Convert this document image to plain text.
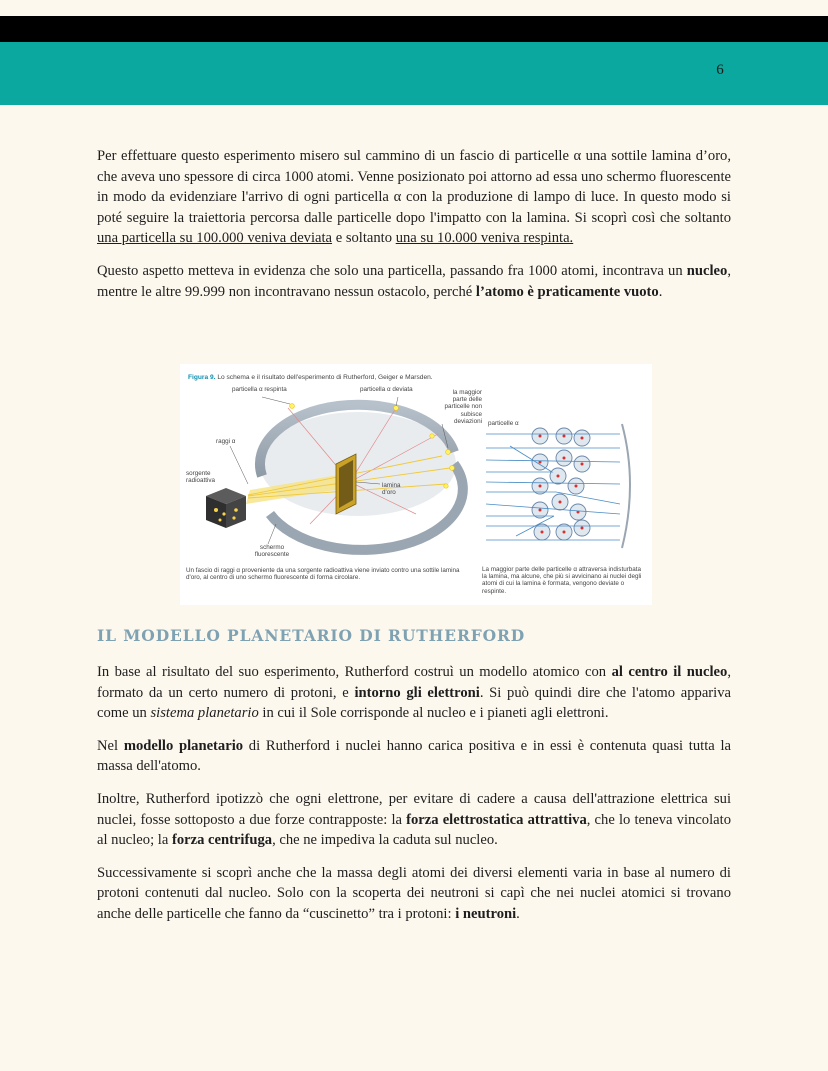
6

Per effettuare questo esperimento misero sul cammino di un fascio di particelle α una sottile lamina d’oro, che aveva uno spessore di circa 1000 atomi. Venne posizionato poi attorno ad essa uno schermo fluorescente in modo da evidenziare l'arrivo di ogni particella α con la produzione di lampo di luce. In questo modo si poté seguire la traiettoria percorsa dalle particelle dopo l'impatto con la lamina. Si scoprì così che soltanto una particella su 100.000 veniva deviata e soltanto una su 10.000 veniva respinta.

Questo aspetto metteva in evidenza che solo una particella, passando fra 1000 atomi, incontrava un nucleo, mentre le altre 99.999 non incontravano nessun ostacolo, perché l’atomo è praticamente vuoto.

Figura 9. Lo schema e il risultato dell'esperimento di Rutherford, Geiger e Marsden.
particella α respinta	particella α deviata	la maggior parte delle particelle non subisce deviazioni
raggi α
sorgente radioattiva
lamina d'oro
schermo fluorescente
particelle α
Un fascio di raggi α proveniente da una sorgente radioattiva viene inviato contro una sottile lamina d'oro, al centro di uno schermo fluorescente di forma circolare.
La maggior parte delle particelle α attraversa indisturbata la lamina, ma alcune, che più si avvicinano ai nuclei degli atomi di cui la lamina è formata, vengono deviate o respinte.
IL MODELLO PLANETARIO DI RUTHERFORD

In base al risultato del suo esperimento, Rutherford costruì un modello atomico con al centro il nucleo, formato da un certo numero di protoni, e intorno gli elettroni. Si può quindi dire che l'atomo appariva come un sistema planetario in cui il Sole corrisponde al nucleo e i pianeti agli elettroni.

Nel modello planetario di Rutherford i nuclei hanno carica positiva e in essi è contenuta quasi tutta la massa dell'atomo.

Inoltre, Rutherford ipotizzò che ogni elettrone, per evitare di cadere a causa dell'attrazione elettrica sui nuclei, fosse sottoposto a due forze contrapposte: la forza elettrostatica attrattiva, che lo teneva vincolato al nucleo; la forza centrifuga, che ne impediva la caduta sul nucleo.

Successivamente si scoprì anche che la massa degli atomi dei diversi elementi varia in base al numero di protoni contenuti dal nucleo. Solo con la scoperta dei neutroni si capì che nei nuclei atomici si trovano anche delle particelle che fanno da “cuscinetto” tra i protoni: i neutroni.
